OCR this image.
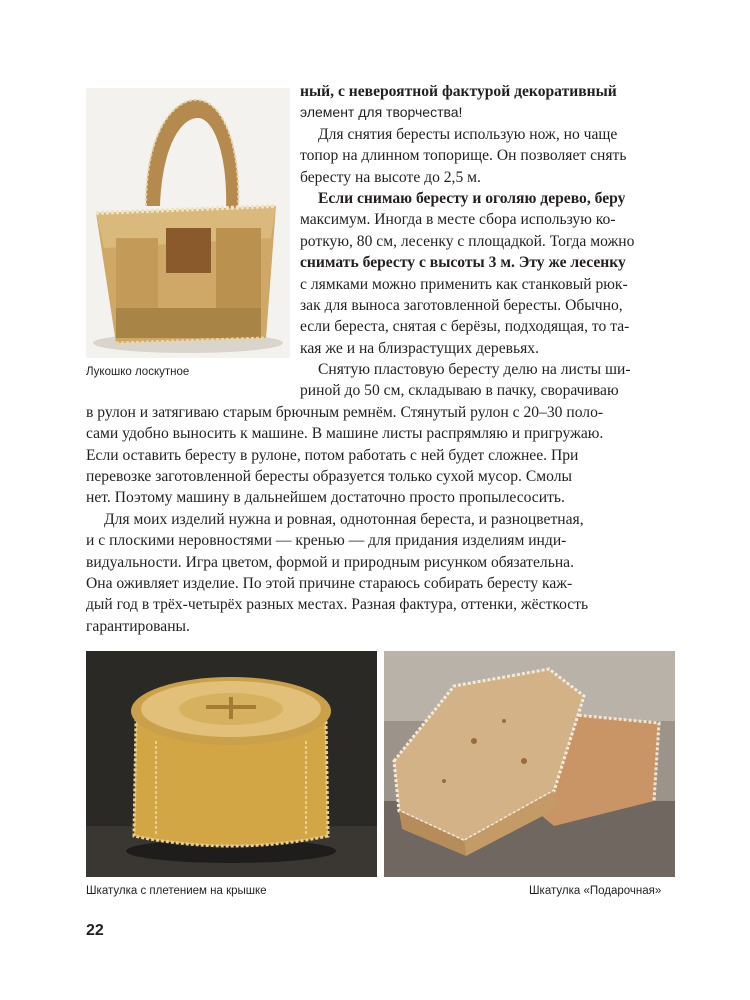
Лукошко лоскутное
ный, с невероятной фактурой декоративный
элемент для творчества!
Для снятия бересты использую нож, но чаще
топор на длинном топорище. Он позволяет снять
бересту на высоте до 2,5 м.
Если снимаю бересту и оголяю дерево, беру
максимум. Иногда в месте сбора использую ко-
роткую, 80 см, лесенку с площадкой. Тогда можно
снимать бересту с высоты 3 м. Эту же лесенку
с лямками можно применить как станковый рюк-
зак для выноса заготовленной бересты. Обычно,
если береста, снятая с берёзы, подходящая, то та-
кая же и на близрастущих деревьях.
Снятую пластовую бересту делю на листы ши-
риной до 50 см, складываю в пачку, сворачиваю
в рулон и затягиваю старым брючным ремнём. Стянутый рулон с 20–30 поло-
сами удобно выносить к машине. В машине листы распрямляю и пригружаю.
Если оставить бересту в рулоне, потом работать с ней будет сложнее. При
перевозке заготовленной бересты образуется только сухой мусор. Смолы
нет. Поэтому машину в дальнейшем достаточно просто пропылесосить.
Для моих изделий нужна и ровная, однотонная береста, и разноцветная,
и с плоскими неровностями — кренью — для придания изделиям инди-
видуальности. Игра цветом, формой и природным рисунком обязательна.
Она оживляет изделие. По этой причине стараюсь собирать бересту каж-
дый год в трёх-четырёх разных местах. Разная фактура, оттенки, жёсткость
гарантированы.
Шкатулка с плетением на крышке	Шкатулка «Подарочная»
22
